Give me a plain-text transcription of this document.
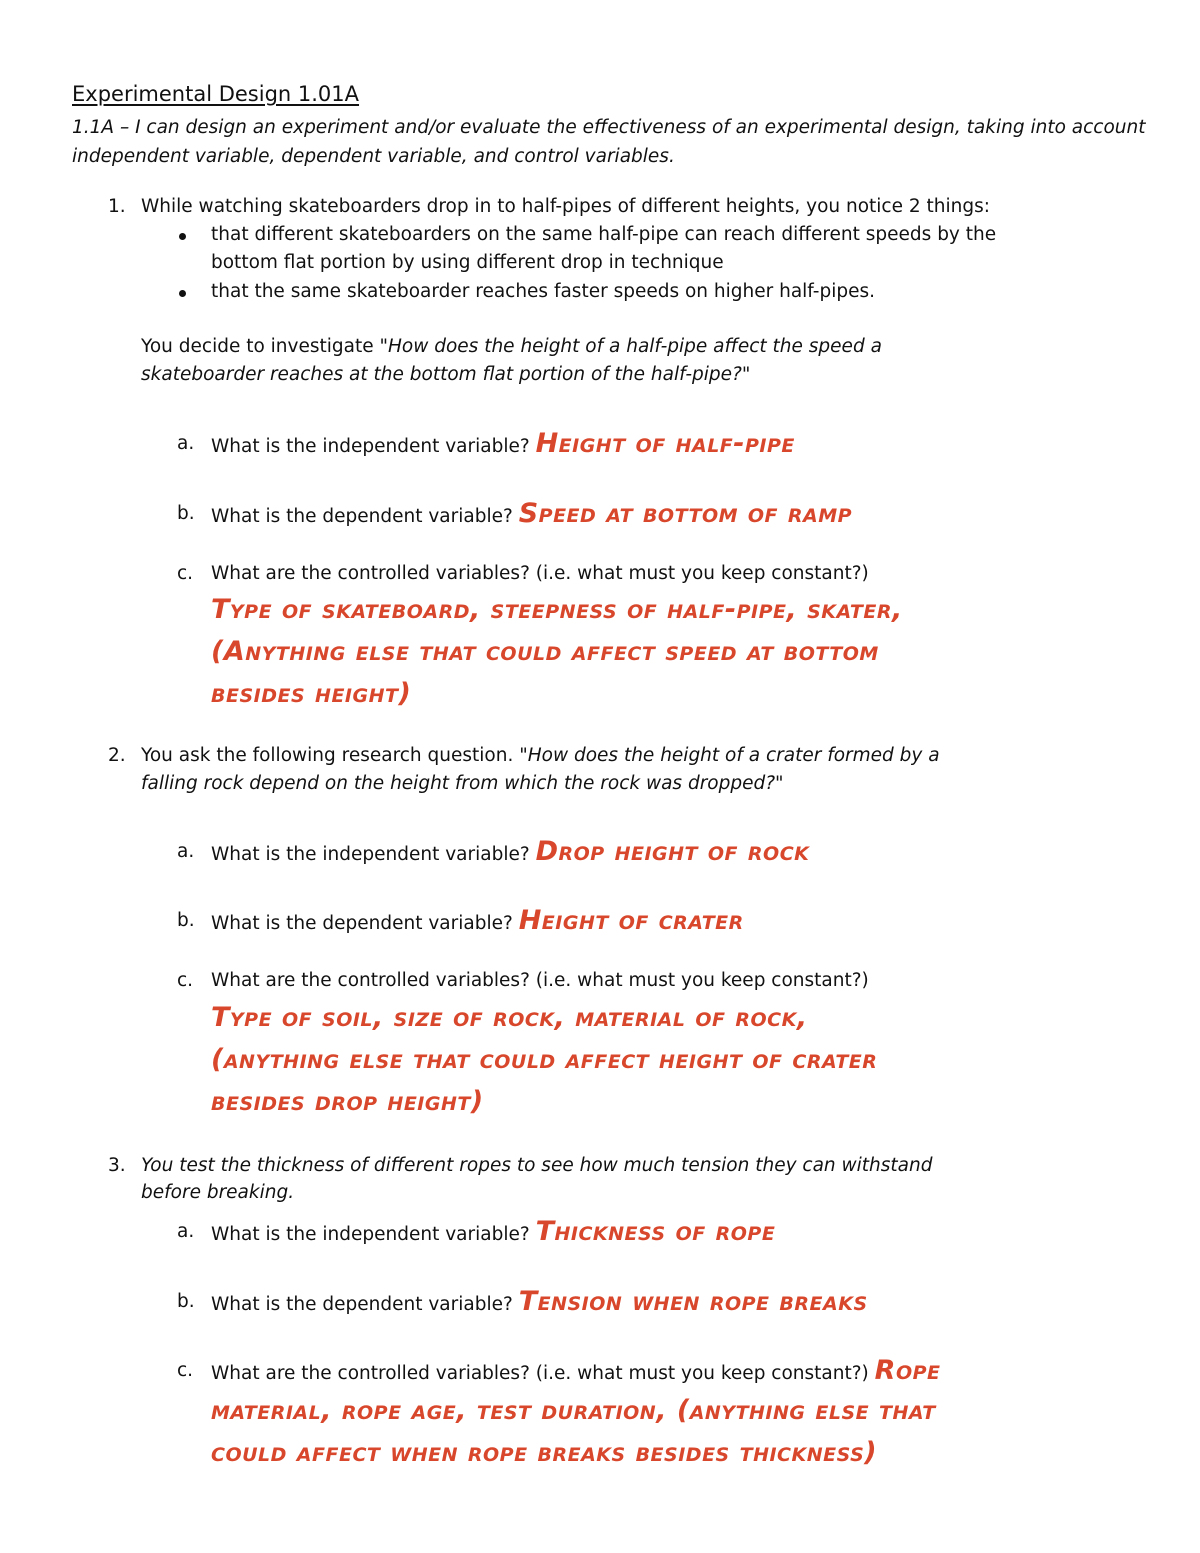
Experimental Design 1.01A
1.1A – I can design an experiment and/or evaluate the effectiveness of an experimental design, taking into account independent variable, dependent variable, and control variables.
1. While watching skateboarders drop in to half-pipes of different heights, you notice 2 things:
that different skateboarders on the same half-pipe can reach different speeds by the
bottom flat portion by using different drop in technique
that the same skateboarder reaches faster speeds on higher half-pipes.
You decide to investigate "How does the height of a half-pipe affect the speed a
skateboarder reaches at the bottom flat portion of the half-pipe?"
a. What is the independent variable? Height of half-pipe
b. What is the dependent variable? Speed at bottom of ramp
c. What are the controlled variables? (i.e. what must you keep constant?)
Type of skateboard, steepness of half-pipe, skater,
(Anything else that could affect speed at bottom
besides height)
2. You ask the following research question. "How does the height of a crater formed by a
falling rock depend on the height from which the rock was dropped?"
a. What is the independent variable? Drop height of rock
b. What is the dependent variable? Height of crater
c. What are the controlled variables? (i.e. what must you keep constant?)
Type of soil, size of rock, material of rock,
(anything else that could affect height of crater
besides drop height)
3. You test the thickness of different ropes to see how much tension they can withstand
before breaking.
a. What is the independent variable? Thickness of rope
b. What is the dependent variable? Tension when rope breaks
c. What are the controlled variables? (i.e. what must you keep constant?) Rope
material, rope age, test duration, (anything else that
could affect when rope breaks besides thickness)
